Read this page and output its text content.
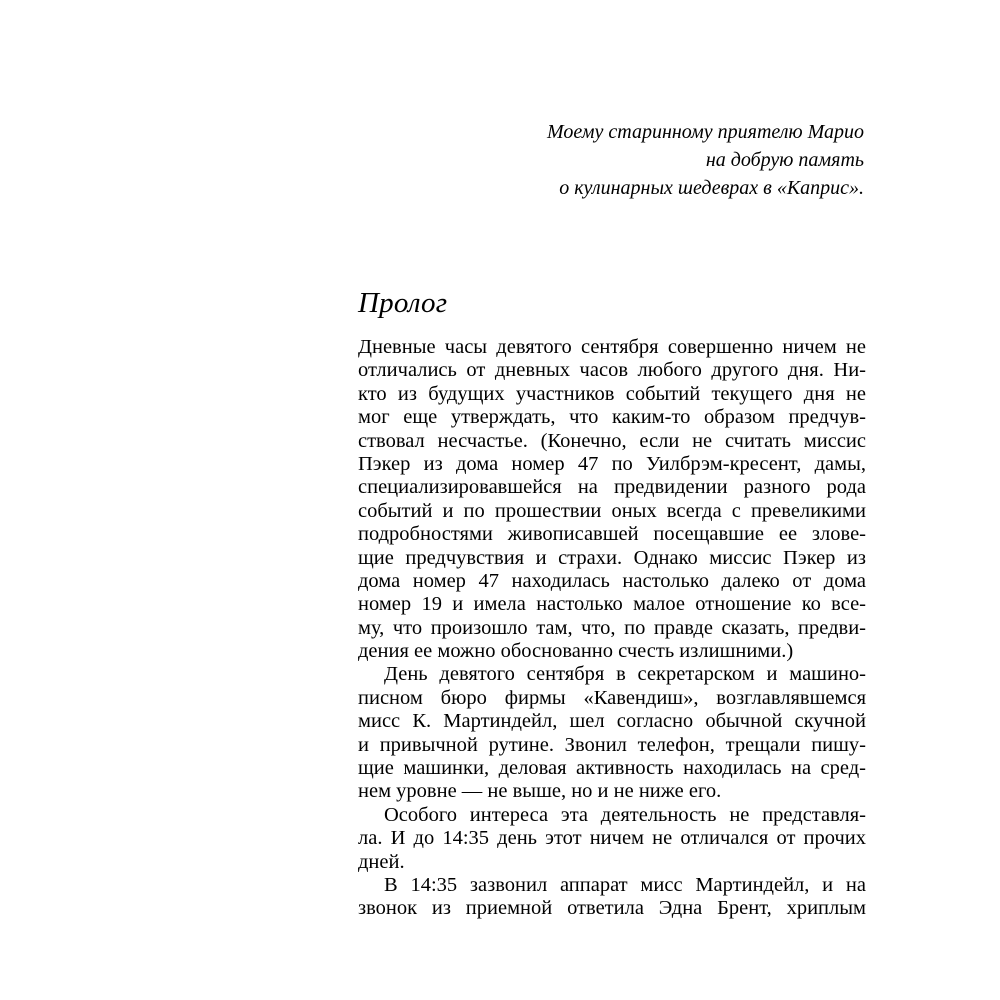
Моему старинному приятелю Марио
на добрую память
о кулинарных шедеврах в «Каприс».
Пролог
Дневные часы девятого сентября совершенно ничем не
отличались от дневных часов любого другого дня. Ни-
кто из будущих участников событий текущего дня не
мог еще утверждать, что каким-то образом предчув-
ствовал несчастье. (Конечно, если не считать миссис
Пэкер из дома номер 47 по Уилбрэм-кресент, дамы,
специализировавшейся на предвидении разного рода
событий и по прошествии оных всегда с превеликими
подробностями живописавшей посещавшие ее злове-
щие предчувствия и страхи. Однако миссис Пэкер из
дома номер 47 находилась настолько далеко от дома
номер 19 и имела настолько малое отношение ко все-
му, что произошло там, что, по правде сказать, предви-
дения ее можно обоснованно счесть излишними.)
День девятого сентября в секретарском и машино-
писном бюро фирмы «Кавендиш», возглавлявшемся
мисс К. Мартиндейл, шел согласно обычной скучной
и привычной рутине. Звонил телефон, трещали пишу-
щие машинки, деловая активность находилась на сред-
нем уровне — не выше, но и не ниже его.
Особого интереса эта деятельность не представля-
ла. И до 14:35 день этот ничем не отличался от прочих
дней.
В 14:35 зазвонил аппарат мисс Мартиндейл, и на
звонок из приемной ответила Эдна Брент, хриплым
